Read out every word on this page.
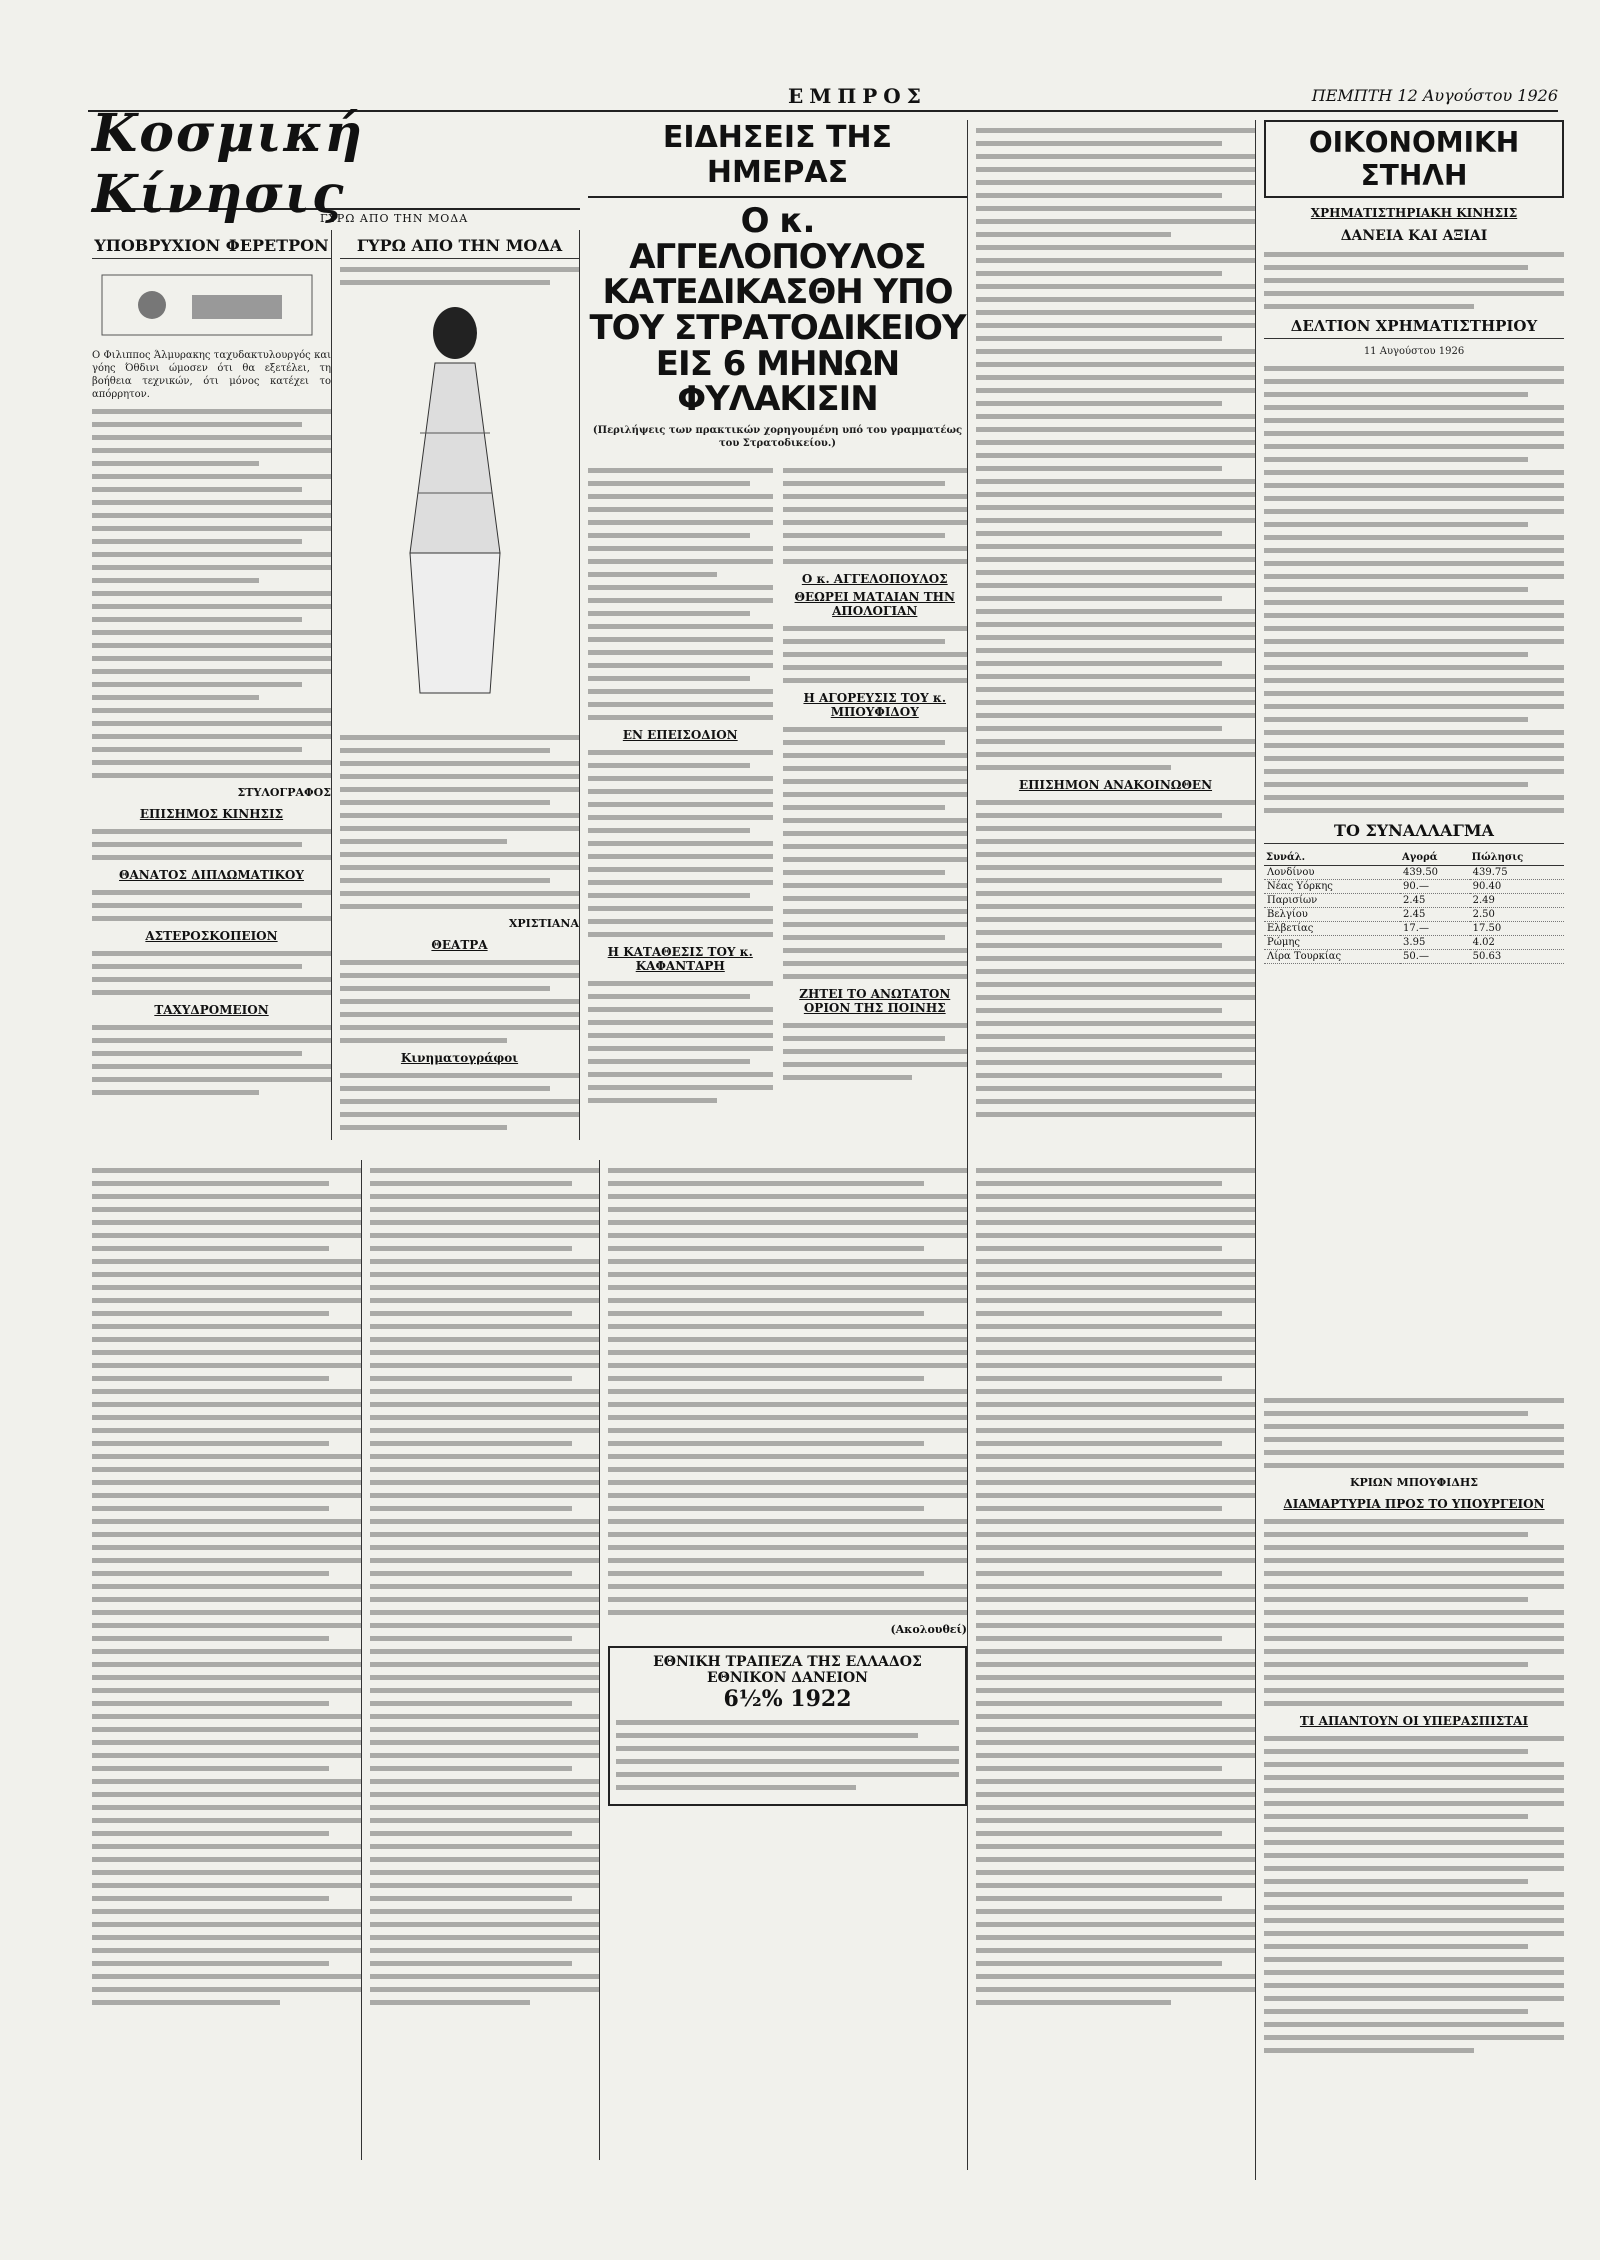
ΕΜΠΡΟΣ	ΠΕΜΠΤΗ 12 Αυγούστου 1926
Κοσμική Κίνησις
ΓΥΡΩ ΑΠΟ ΤΗΝ ΜΟΔΑ
ΥΠΟΒΡΥΧΙΟΝ ΦΕΡΕΤΡΟΝ

Ο Φιλιππος Άλμυρακης ταχυδακτυλουργός και γόης Όθδινι ώμοσεν ότι θα εξετέλει, τη βοήθεια τεχνικών, ότι μόνος κατέχει το απόρρητον.

ΣΤΥΛΟΓΡΑΦΟΣ
ΕΠΙΣΗΜΟΣ ΚΙΝΗΣΙΣ
ΘΑΝΑΤΟΣ ΔΙΠΛΩΜΑΤΙΚΟΥ
ΑΣΤΕΡΟΣΚΟΠΕΙΟΝ
ΤΑΧΥΔΡΟΜΕΙΟΝ
ΓΥΡΩ ΑΠΟ ΤΗΝ ΜΟΔΑ
ΧΡΙΣΤΙΑΝΑ
ΘΕΑΤΡΑ
Κινηματογράφοι
ΕΙΔΗΣΕΙΣ ΤΗΣ ΗΜΕΡΑΣ
Ο κ. ΑΓΓΕΛΟΠΟΥΛΟΣ ΚΑΤΕΔΙΚΑΣΘΗ ΥΠΟ ΤΟΥ ΣΤΡΑΤΟΔΙΚΕΙΟΥ ΕΙΣ 6 ΜΗΝΩΝ ΦΥΛΑΚΙΣΙΝ

(Περιλήψεις των πρακτικών χορηγουμένη υπό του γραμματέως του Στρατοδικείου.)

ΕΝ ΕΠΕΙΣΟΔΙΟΝ
Η ΚΑΤΑΘΕΣΙΣ ΤΟΥ κ. ΚΑΦΑΝΤΑΡΗ
Ο κ. ΑΓΓΕΛΟΠΟΥΛΟΣ
ΘΕΩΡΕΙ ΜΑΤΑΙΑΝ ΤΗΝ ΑΠΟΛΟΓΙΑΝ
Η ΑΓΟΡΕΥΣΙΣ ΤΟΥ κ. ΜΠΟΥΦΙΔΟΥ
ΖΗΤΕΙ ΤΟ ΑΝΩΤΑΤΟΝ ΟΡΙΟΝ ΤΗΣ ΠΟΙΝΗΣ
ΕΠΙΣΗΜΟΝ ΑΝΑΚΟΙΝΩΘΕΝ
ΟΙΚΟΝΟΜΙΚΗ ΣΤΗΛΗ
ΧΡΗΜΑΤΙΣΤΗΡΙΑΚΗ ΚΙΝΗΣΙΣ
ΔΑΝΕΙΑ ΚΑΙ ΑΞΙΑΙ
ΔΕΛΤΙΟΝ ΧΡΗΜΑΤΙΣΤΗΡΙΟΥ
11 Αυγούστου 1926
ΤΟ ΣΥΝΑΛΛΑΓΜΑ
Συνάλ.	Αγορά	Πώλησις
Λονδίνου	439.50	439.75
Νέας Υόρκης	90.—	90.40
Παρισίων	2.45	2.49
Βελγίου	2.45	2.50
Ελβετίας	17.—	17.50
Ρώμης	3.95	4.02
Λίρα Τουρκίας	50.—	50.63
(Ακολουθεί)
ΕΘΝΙΚΗ ΤΡΑΠΕΖΑ ΤΗΣ ΕΛΛΑΔΟΣ
ΕΘΝΙΚΟΝ ΔΑΝΕΙΟΝ
6½% 1922
ΚΡΙΩΝ ΜΠΟΥΦΙΔΗΣ
ΔΙΑΜΑΡΤΥΡΙΑ ΠΡΟΣ ΤΟ ΥΠΟΥΡΓΕΙΟΝ
ΤΙ ΑΠΑΝΤΟΥΝ ΟΙ ΥΠΕΡΑΣΠΙΣΤΑΙ
